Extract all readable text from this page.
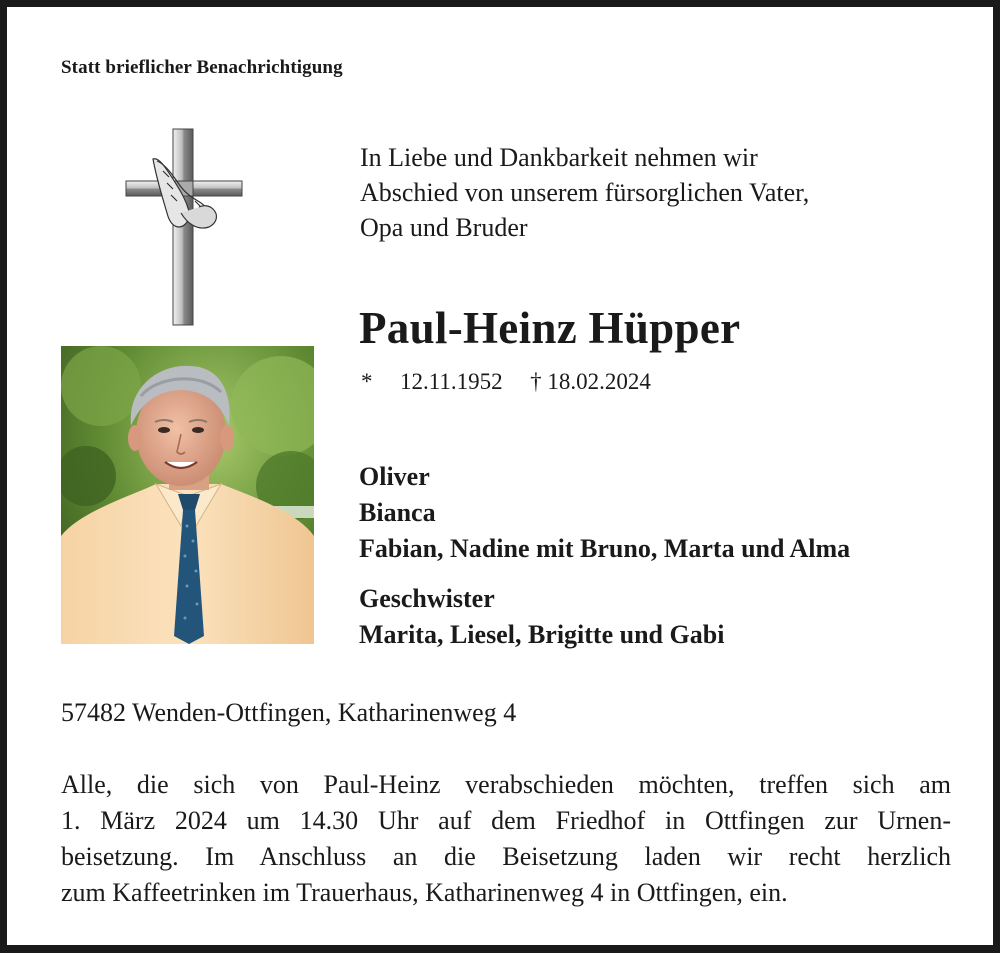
Statt brieflicher Benachrichtigung
In Liebe und Dankbarkeit nehmen wir
Abschied von unserem fürsorglichen Vater,
Opa und Bruder
Paul-Heinz Hüpper
* 12.11.1952 † 18.02.2024
Oliver
Bianca
Fabian, Nadine mit Bruno, Marta und Alma
Geschwister
Marita, Liesel, Brigitte und Gabi
57482 Wenden-Ottfingen, Katharinenweg 4
Alle, die sich von Paul-Heinz verabschieden möchten, treffen sich am
1. März 2024 um 14.30 Uhr auf dem Friedhof in Ottfingen zur Urnen-
beisetzung. Im Anschluss an die Beisetzung laden wir recht herzlich
zum Kaffeetrinken im Trauerhaus, Katharinenweg 4 in Ottfingen, ein.
